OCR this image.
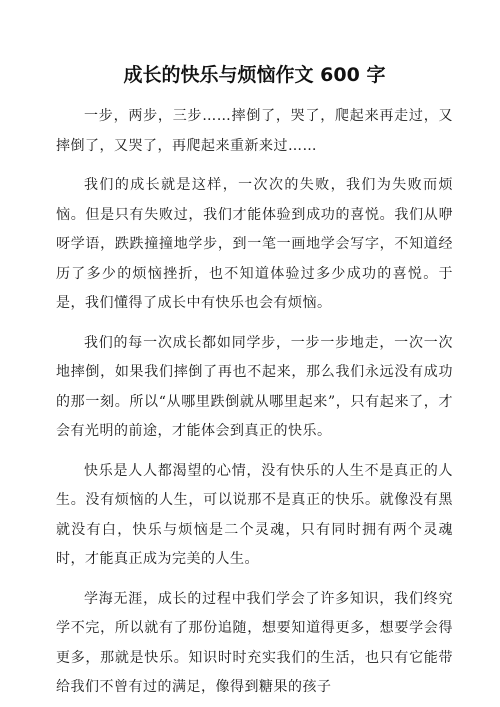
成长的快乐与烦恼作文 600 字

一步，两步，三步……摔倒了，哭了，爬起来再走过，又摔倒了，又哭了，再爬起来重新来过……

我们的成长就是这样，一次次的失败，我们为失败而烦恼。但是只有失败过，我们才能体验到成功的喜悦。我们从咿呀学语，跌跌撞撞地学步，到一笔一画地学会写字，不知道经历了多少的烦恼挫折，也不知道体验过多少成功的喜悦。于是，我们懂得了成长中有快乐也会有烦恼。

我们的每一次成长都如同学步，一步一步地走，一次一次地摔倒，如果我们摔倒了再也不起来，那么我们永远没有成功的那一刻。所以“从哪里跌倒就从哪里起来”，只有起来了，才会有光明的前途，才能体会到真正的快乐。

快乐是人人都渴望的心情，没有快乐的人生不是真正的人生。没有烦恼的人生，可以说那不是真正的快乐。就像没有黑就没有白，快乐与烦恼是二个灵魂，只有同时拥有两个灵魂时，才能真正成为完美的人生。

学海无涯，成长的过程中我们学会了许多知识，我们终究学不完，所以就有了那份追随，想要知道得更多，想要学会得更多，那就是快乐。知识时时充实我们的生活，也只有它能带给我们不曾有过的满足，像得到糖果的孩子
